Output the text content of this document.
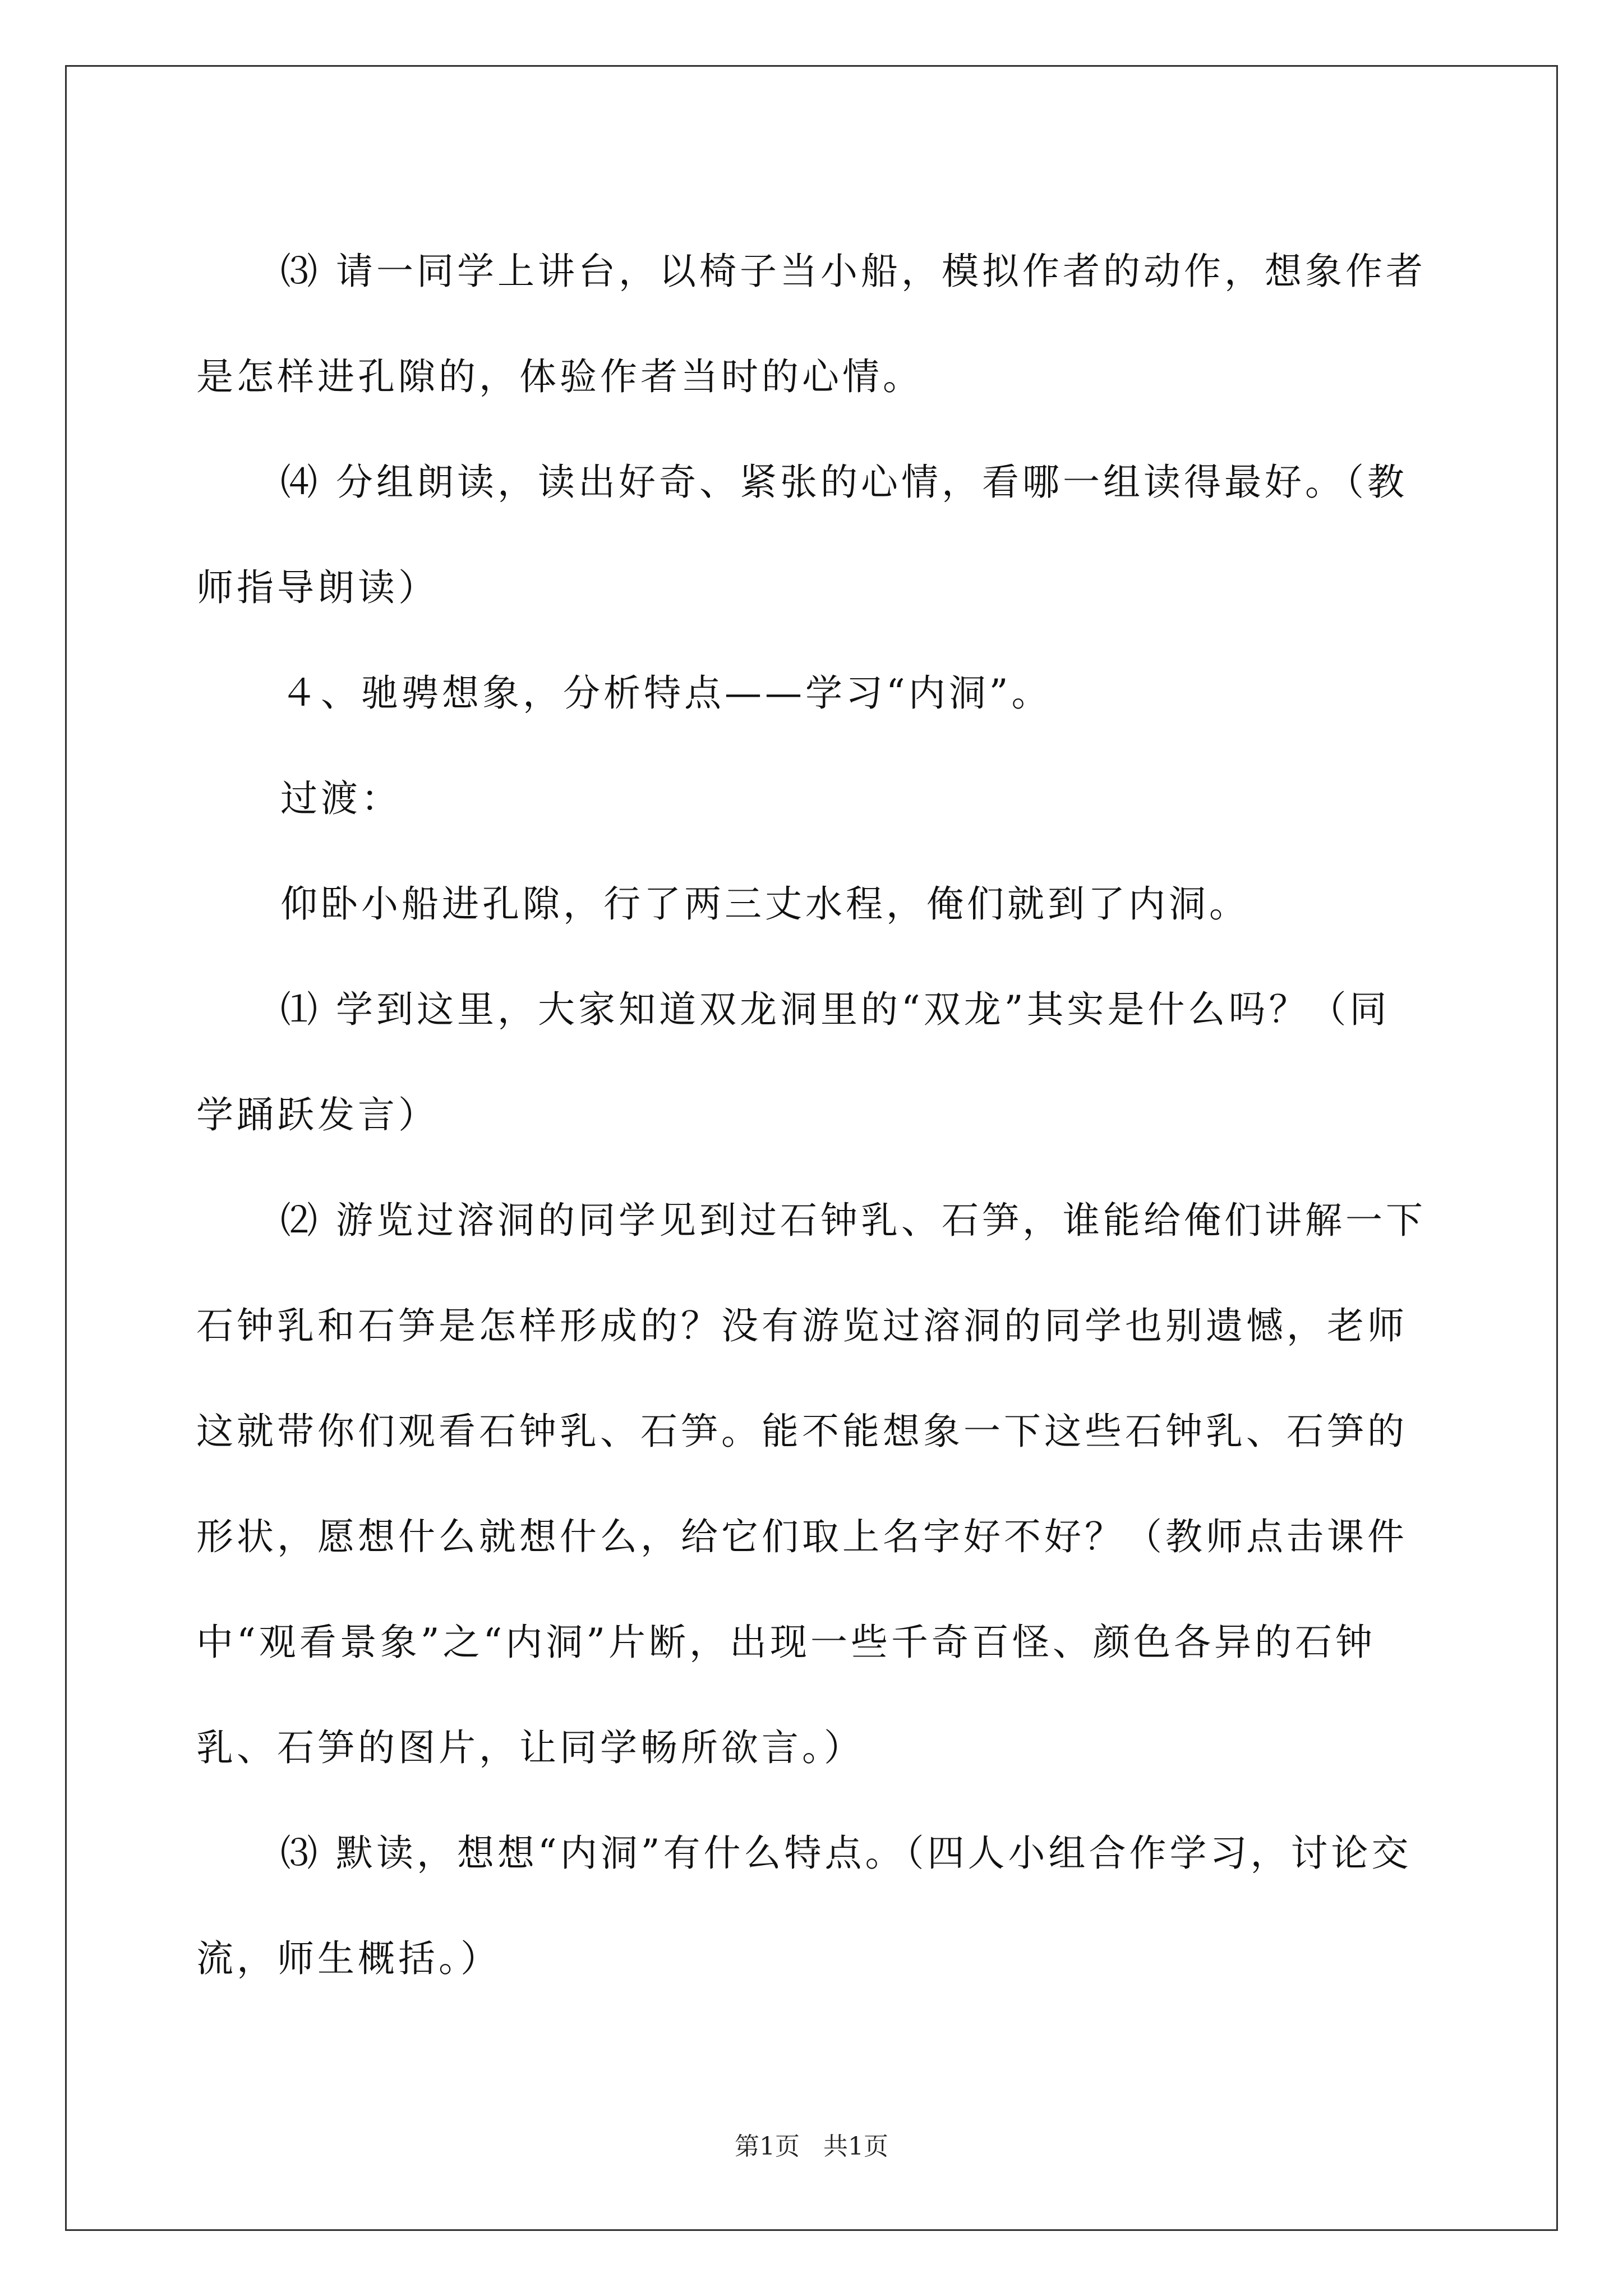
⑶ 请一同学上讲台，以椅子当小船，模拟作者的动作，想象作者是怎样进孔隙的，体验作者当时的心情。

⑷ 分组朗读，读出好奇、紧张的心情，看哪一组读得最好。（教师指导朗读）

４、驰骋想象，分析特点——学习“内洞”。

过渡：

仰卧小船进孔隙，行了两三丈水程，俺们就到了内洞。

⑴ 学到这里，大家知道双龙洞里的“双龙”其实是什么吗？（同学踊跃发言）

⑵ 游览过溶洞的同学见到过石钟乳、石笋，谁能给俺们讲解一下石钟乳和石笋是怎样形成的？没有游览过溶洞的同学也别遗憾，老师这就带你们观看石钟乳、石笋。能不能想象一下这些石钟乳、石笋的形状，愿想什么就想什么，给它们取上名字好不好？（教师点击课件中“观看景象”之“内洞”片断，出现一些千奇百怪、颜色各异的石钟乳、石笋的图片，让同学畅所欲言。）

⑶ 默读，想想“内洞”有什么特点。（四人小组合作学习，讨论交流，师生概括。）

第1页 共1页
